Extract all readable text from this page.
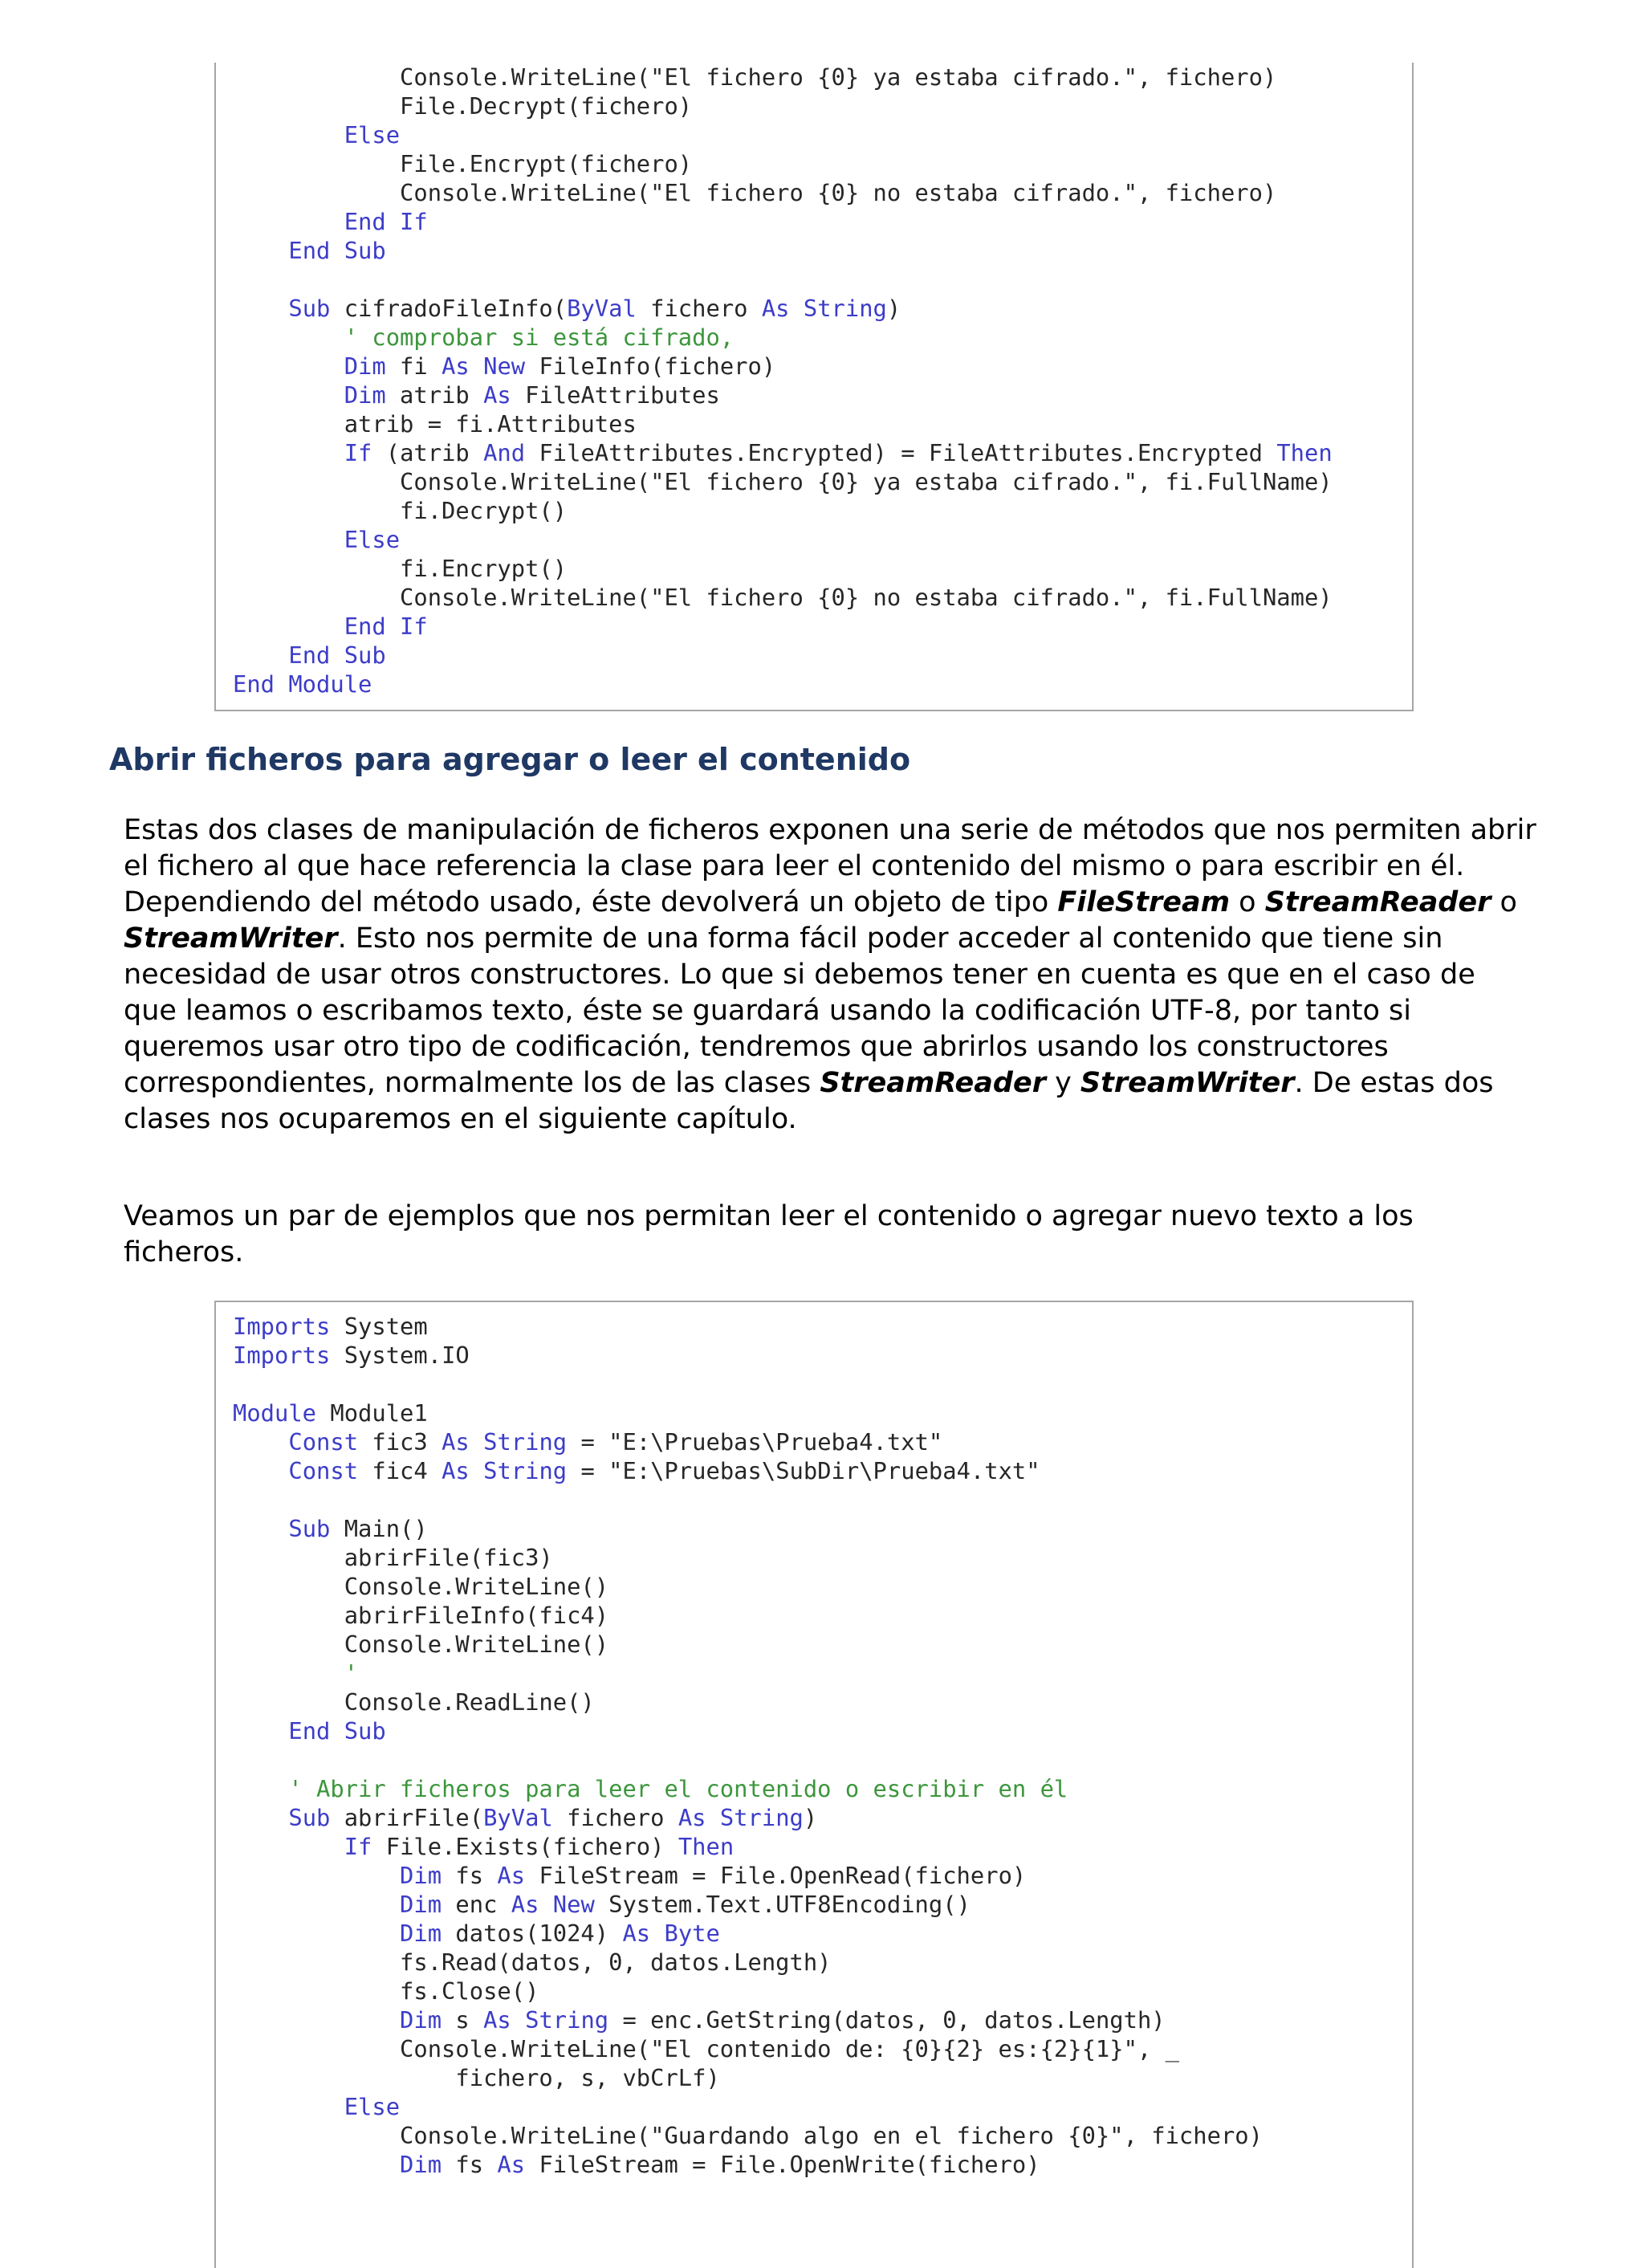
Console.WriteLine("El fichero {0} ya estaba cifrado.", fichero)
File.Decrypt(fichero)
Else
File.Encrypt(fichero)
Console.WriteLine("El fichero {0} no estaba cifrado.", fichero)
End If
End Sub

Sub cifradoFileInfo(ByVal fichero As String)
' comprobar si está cifrado,
Dim fi As New FileInfo(fichero)
Dim atrib As FileAttributes
atrib = fi.Attributes
If (atrib And FileAttributes.Encrypted) = FileAttributes.Encrypted Then
Console.WriteLine("El fichero {0} ya estaba cifrado.", fi.FullName)
fi.Decrypt()
Else
fi.Encrypt()
Console.WriteLine("El fichero {0} no estaba cifrado.", fi.FullName)
End If
End Sub
End Module
Abrir ficheros para agregar o leer el contenido

Estas dos clases de manipulación de ficheros exponen una serie de métodos que nos permiten abrir el fichero al que hace referencia la clase para leer el contenido del mismo o para escribir en él.
Dependiendo del método usado, éste devolverá un objeto de tipo FileStream o StreamReader o StreamWriter. Esto nos permite de una forma fácil poder acceder al contenido que tiene sin necesidad de usar otros constructores. Lo que si debemos tener en cuenta es que en el caso de que leamos o escribamos texto, éste se guardará usando la codificación UTF-8, por tanto si queremos usar otro tipo de codificación, tendremos que abrirlos usando los constructores correspondientes, normalmente los de las clases StreamReader y StreamWriter. De estas dos clases nos ocuparemos en el siguiente capítulo.

Veamos un par de ejemplos que nos permitan leer el contenido o agregar nuevo texto a los ficheros.

Imports System
Imports System.IO

Module Module1
Const fic3 As String = "E:\Pruebas\Prueba4.txt"
Const fic4 As String = "E:\Pruebas\SubDir\Prueba4.txt"

Sub Main()
abrirFile(fic3)
Console.WriteLine()
abrirFileInfo(fic4)
Console.WriteLine()
'
Console.ReadLine()
End Sub

' Abrir ficheros para leer el contenido o escribir en él
Sub abrirFile(ByVal fichero As String)
If File.Exists(fichero) Then
Dim fs As FileStream = File.OpenRead(fichero)
Dim enc As New System.Text.UTF8Encoding()
Dim datos(1024) As Byte
fs.Read(datos, 0, datos.Length)
fs.Close()
Dim s As String = enc.GetString(datos, 0, datos.Length)
Console.WriteLine("El contenido de: {0}{2} es:{2}{1}", _
fichero, s, vbCrLf)
Else
Console.WriteLine("Guardando algo en el fichero {0}", fichero)
Dim fs As FileStream = File.OpenWrite(fichero)
